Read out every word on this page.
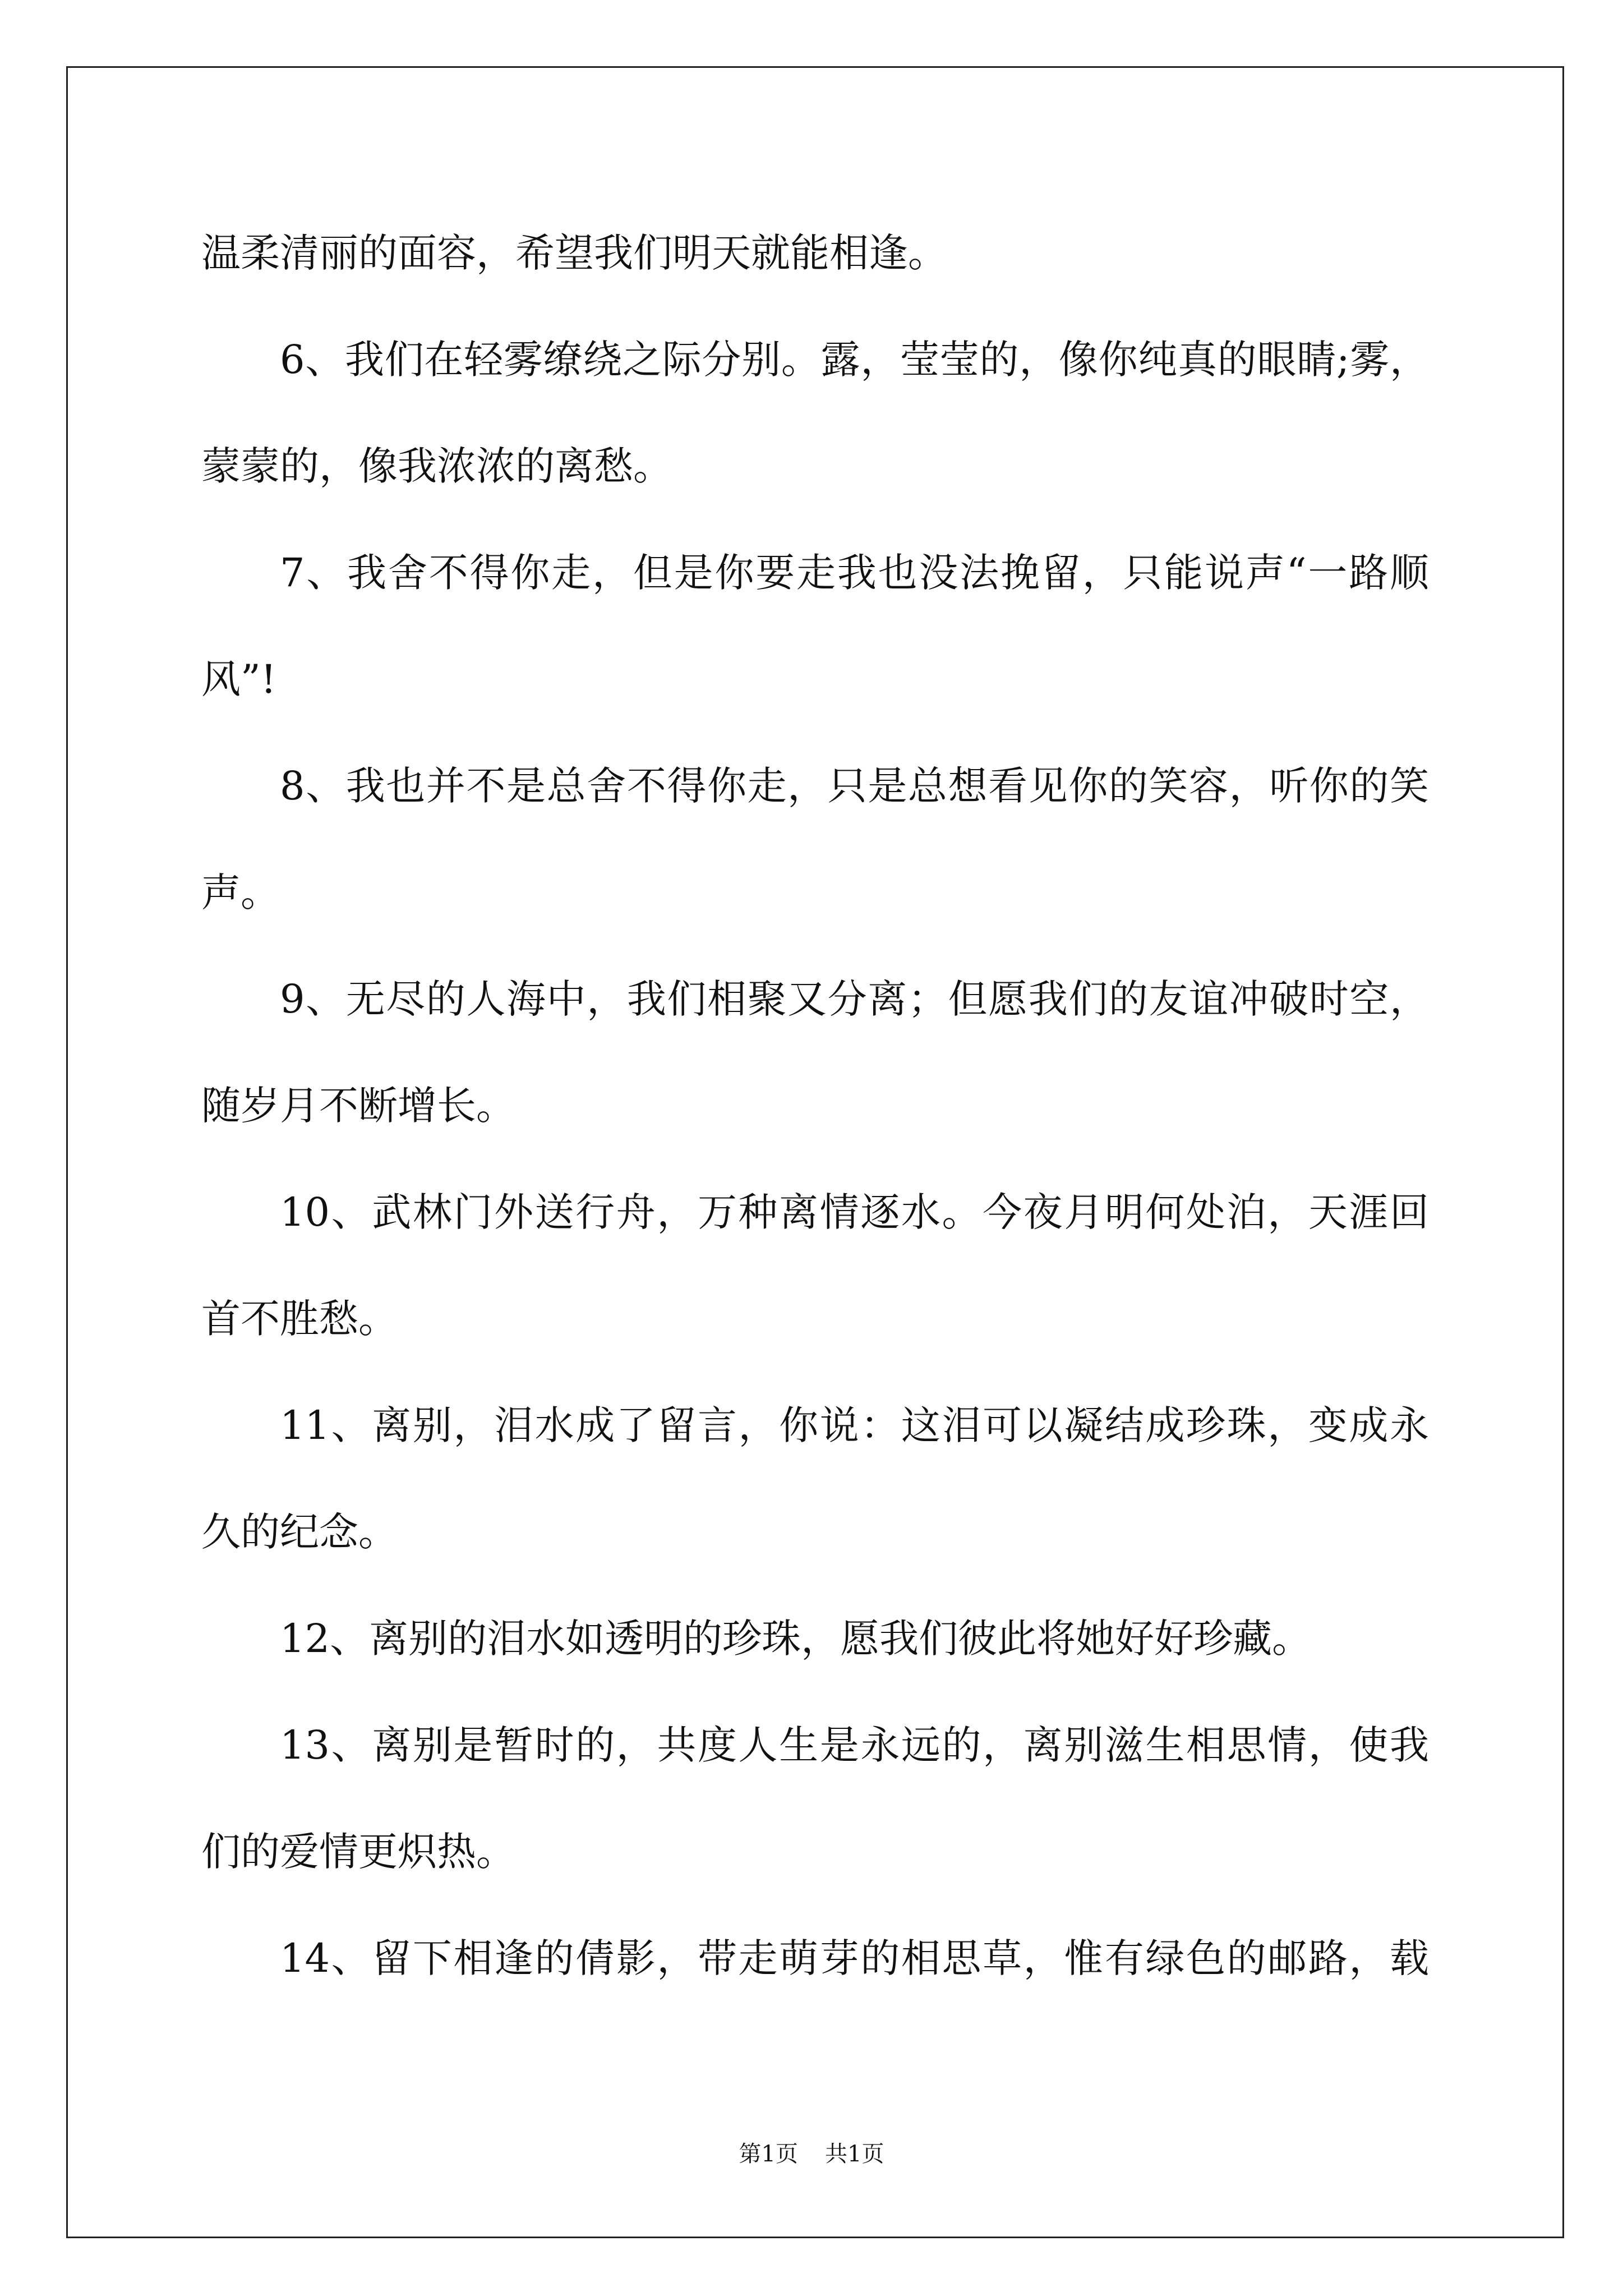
温柔清丽的面容，希望我们明天就能相逢。
6、我们在轻雾缭绕之际分别。露，莹莹的，像你纯真的眼睛;雾，
蒙蒙的，像我浓浓的离愁。
7、我舍不得你走，但是你要走我也没法挽留，只能说声“一路顺
风”!
8、我也并不是总舍不得你走，只是总想看见你的笑容，听你的笑
声。
9、无尽的人海中，我们相聚又分离；但愿我们的友谊冲破时空，
随岁月不断增长。
10、武林门外送行舟，万种离情逐水。今夜月明何处泊，天涯回
首不胜愁。
11、离别，泪水成了留言，你说：这泪可以凝结成珍珠，变成永
久的纪念。
12、离别的泪水如透明的珍珠，愿我们彼此将她好好珍藏。
13、离别是暂时的，共度人生是永远的，离别滋生相思情，使我
们的爱情更炽热。
14、留下相逢的倩影，带走萌芽的相思草，惟有绿色的邮路，载
第1页 共1页
